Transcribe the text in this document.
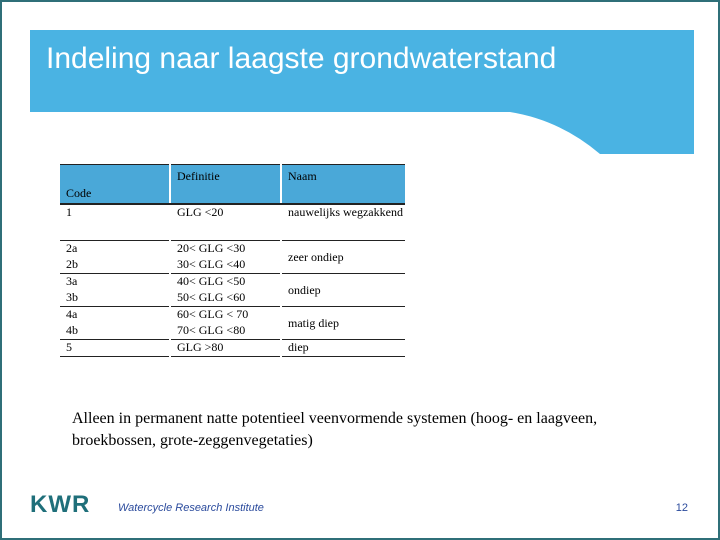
Indeling naar laagste grondwaterstand
Code	Definitie	Naam
1	GLG <20	nauwelijks wegzakkend
2a	20< GLG <30	zeer ondiep
2b	30< GLG <40	
3a	40< GLG <50	ondiep
3b	50< GLG <60	
4a	60< GLG < 70	matig diep
4b	70< GLG <80	
5	GLG >80	diep
Alleen in permanent natte potentieel veenvormende systemen (hoog- en laagveen, broekbossen, grote-zeggenvegetaties)
KWR	Watercycle Research Institute	12
